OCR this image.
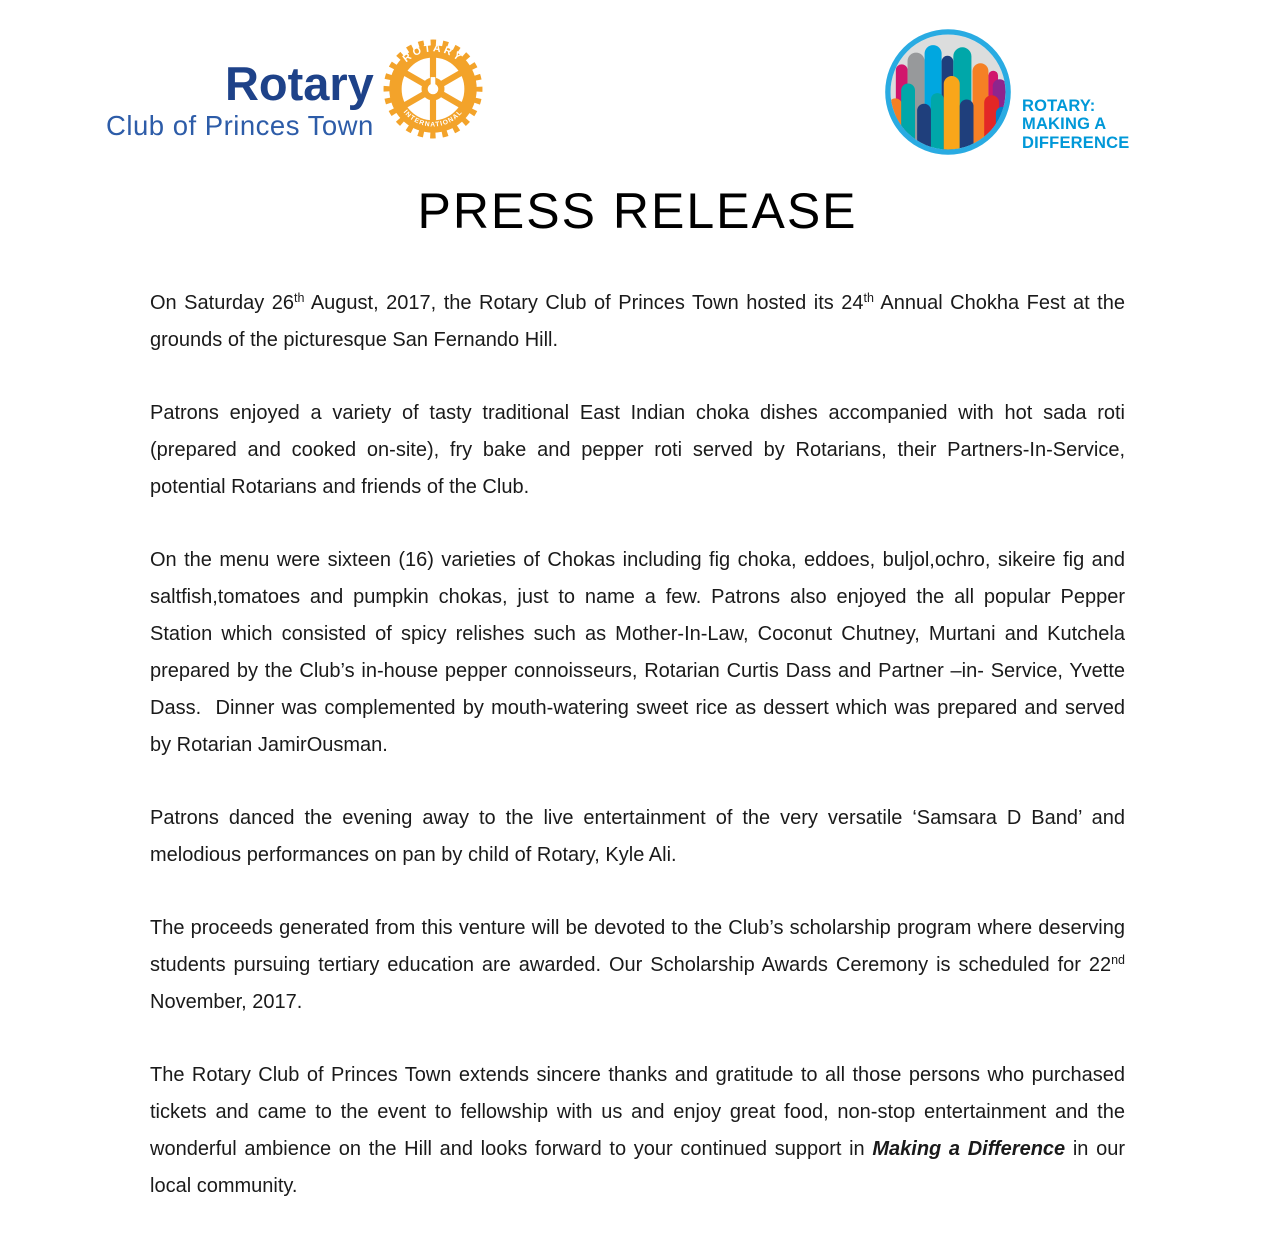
Rotary
Club of Princes Town
ROTARY
INTERNATIONAL	ROTARY:
MAKING A
DIFFERENCE
PRESS RELEASE

On Saturday 26th August, 2017, the Rotary Club of Princes Town hosted its 24th Annual Chokha Fest at the grounds of the picturesque San Fernando Hill.

Patrons enjoyed a variety of tasty traditional East Indian choka dishes accompanied with hot sada roti (prepared and cooked on-site), fry bake and pepper roti served by Rotarians, their Partners-In-Service, potential Rotarians and friends of the Club.

On the menu were sixteen (16) varieties of Chokas including fig choka, eddoes, buljol,ochro, sikeire fig and saltfish,tomatoes and pumpkin chokas, just to name a few. Patrons also enjoyed the all popular Pepper Station which consisted of spicy relishes such as Mother-In-Law, Coconut Chutney, Murtani and Kutchela prepared by the Club’s in-house pepper connoisseurs, Rotarian Curtis Dass and Partner –in- Service, Yvette Dass.  Dinner was complemented by mouth-watering sweet rice as dessert which was prepared and served by Rotarian JamirOusman.

Patrons danced the evening away to the live entertainment of the very versatile ‘Samsara D Band’ and melodious performances on pan by child of Rotary, Kyle Ali.

The proceeds generated from this venture will be devoted to the Club’s scholarship program where deserving students pursuing tertiary education are awarded. Our Scholarship Awards Ceremony is scheduled for 22nd November, 2017.

The Rotary Club of Princes Town extends sincere thanks and gratitude to all those persons who purchased tickets and came to the event to fellowship with us and enjoy great food, non-stop entertainment and the wonderful ambience on the Hill and looks forward to your continued support in Making a Difference in our local community.
